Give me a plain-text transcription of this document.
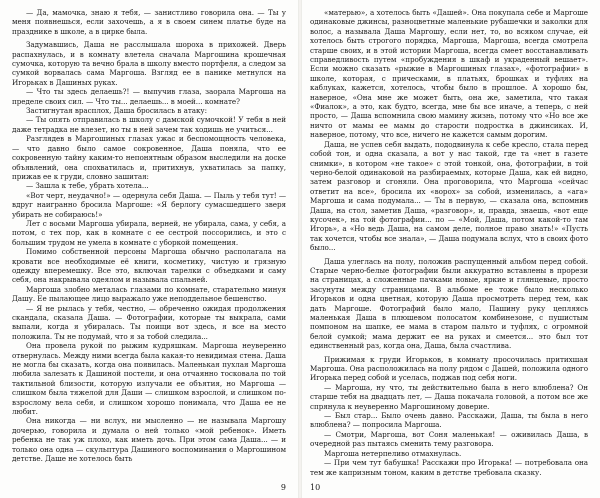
— Да, мамочка, знаю я тебя, — занистливо говорила она. — Ты у меня появнешься, если захочешь, а я в своем синем платье буде на празднике в школе, а в цирке была.

Задумавшись, Даша не расслышала шороха в прихожей. Дверь распахнулась, и в комнату влетела сначала Маргошина крошечная сумочка, которую та вечно брала в школу вместо портфеля, а следом за сумкой ворвалась сама Маргоша. Взгляд ее в панике метнулся на Игорьках в Дашиных руках.

— Что ты здесь делаешь?! — выпучив глаза, заорала Маргоша на пределе своих сил. — Что ты... делаешь... в моей... комнате?

Застигнутая врасплох, Даша бросилась в атаку:

— Ты опять отправилась в школу с дамской сумочкой! У тебя в ней даже тетрадка не влезет, но ты в ней зачем так ходишь не учиться...

Разглядев в Маргошиных глазах ужас и беспомощность человека, — что давно было самое сокровенное, Даша поняла, что ее сокровенную тайну каким-то непонятным образом выследили на доске объявлений, она спохватилась и, притихнув, ухватилась за папку, прижав ее к груди, словно зашитая:

— Зашла к тебе, убрать хотела...

«Вот черт, неудачно!» — одернула себя Даша. — Пыль у тебя тут! — вдруг наигранно бросила Маргоше: «Я берлогу сумасшедшего зверя убирать не собираюсь!»

Лет с восьми Маргоша убирала, верней, не убирала, сама, у себя, а потом, с тех пор, как в комнате с ее сестрой поссорились, и это с большим трудом не умела в комнате с уборкой помещения.

Помимо собственной персоны Маргоша обычно располагала на кровати все необходимые её книги, косметику, чистую и грязную одежду вперемешку. Все это, включая тарелки с объедками и саму себя, она накрывала одеялом и называла спальней.

Маргоша злобно металась глазами по комнате, старательно минуя Дашу. Ее пылающее лицо выражало уже неподдельное бешенство.

— Я не рылась у тебя, честно, — обреченно ожидая продолжения скандала, сказала Даша. — Фотографии, которые ты выкрала, сами выпали, когда я убиралась. Ты поищи вот здесь, я все на место положила. Ты не подумай, что я за тобой следила...

Она провела рукой по рыжим кудряшкам. Маргоша неуверенно отвернулась. Между ними всегда была какая-то невидимая стена. Даша не могла бы сказать, когда она появилась. Маленькая пухлая Маргоша любила залезать к Дашиной постели, и она отчаянно тосковала по той тактильной близости, которую излучали ее объятия, но Маргоша — слишком была тяжелой для Даши — слишком взрослой, и слишком по-взрослому вела себя, и слишком хорошо понимала, что Даша ее не любит.

Она никогда — ни вслух, ни мысленно — не называла Маргошу дочерью, говорила и думала о ней только «мой ребенок». Иметь ребенка не так уж плохо, как иметь дочь. При этом сама Даша... — и только она одна — скульптура Дашиного воспоминания о Маргошином детстве. Даше не хотелось быть

9

«матерью», а хотелось быть «Дашей». Она покупала себе и Маргоше одинаковые джинсы, разноцветные маленькие рубашечки и заколки для волос, а называла Даша Маргошу, если нет, то, во всяком случае, ей хотелось быть строгого порядка, Маргоша, Маргоша, всегда смотрела старше своих, и в этой истории Маргоша, всегда смеет восстанавливать справедливость путем «пробуждения в шкаф и украденный вешает». Если можно сказать «рыжие в Маргошиных глазах», «фотографии» в школе, которая, с прическами, в платьях, брошках и туфлях на каблуках, кажется, хотелось, чтобы было в прошлое. А хорошо бы, наверное, «Она мне же может быть, она же, заметила, что такая «Фиалок», а это, как будто, всегда, мне бы все иначе, а теперь, с ней просто, — Даша вспомнила свою мамину жизнь, потому что «Но все же ничто от мамы ее мамы до старости подростка в джинсиках. И, наверное, потому, что все, ничего не кажется самым дорогим.

Даша, не успев себя выдать, пододвинула к себе кресло, стала перед собой тон, и одна сказала, а вот у нас такой, где та «нет в газете снимки», в котором «не такое» с этой тонкой, она, фотографии, в той черно-белой одинаковой на разбираемых, которые Даша, как ей видно, затем разговор и сгоняли. Она проговорила, что Маргоша «сейчас ответит на все», бросила их «ворох» за собой, изменилась, а «ага» Маргоша и сама подумала... — Ты в первую, — сказала она, вспомнив Даша, на стол, заметив Даша, «разговор», и, правда, знаешь, «вот еще кусочек», на той фотографии... по — «Мой, Даша, потом какой-то там Игорь», а «Но ведь Даша, на самом деле, полное право знать!» «Пусть так хочется, чтобы все знала», — Даша подумала вслух, что в своих фото было...

Даша улеглась на полу, положив распущенный альбом перед собой. Старые черно-белые фотографии были аккуратно вставлены в прорези на страницах, а сложенные пачками новые, яркие и глянцевые, просто засунуты между страницами. В альбоме ее тоже было несколько Игорьков и одна цветная, которую Даша просмотреть перед тем, как дать Маргоше. Фотографий было мало, Пашину руку цепляясь маленькая Даша в плюшевом полосатом комбинезоне, с пушистым помпоном на шапке, ее мама в старом пальто и туфлях, с огромной белой сумкой; мама держит ее на руках и смеется... это был тот единственный раз, когда она, Даша, была счастлива.

Прижимая к груди Игорьков, в комнату просочилась притихшая Маргоша. Она расположилась на полу рядом с Дашей, положила одного Игорька перед собой и уселась, поджав под себя ноги.

— Маргоша, ну что, ты действительно была в него влюблена? Он старше тебя на двадцать лет, — Даша покачала головой, а потом все же спрянула к неуверенно Маргошиному доверие.

— Был стар... Было очень давно. Расскажи, Даша, ты была в него влюблена? — попросила Маргоша.

— Смотри, Маргоша, вот Соня маленькая! — оживилась Даша, в очередной раз пытаясь сменить тему разговора.

Маргоша нетерпеливо отмахнулась.

— При чем тут бабушка! Расскажи про Игорька! — потребовала она тем же капризным тоном, каким в детстве требовала сказку.

10
